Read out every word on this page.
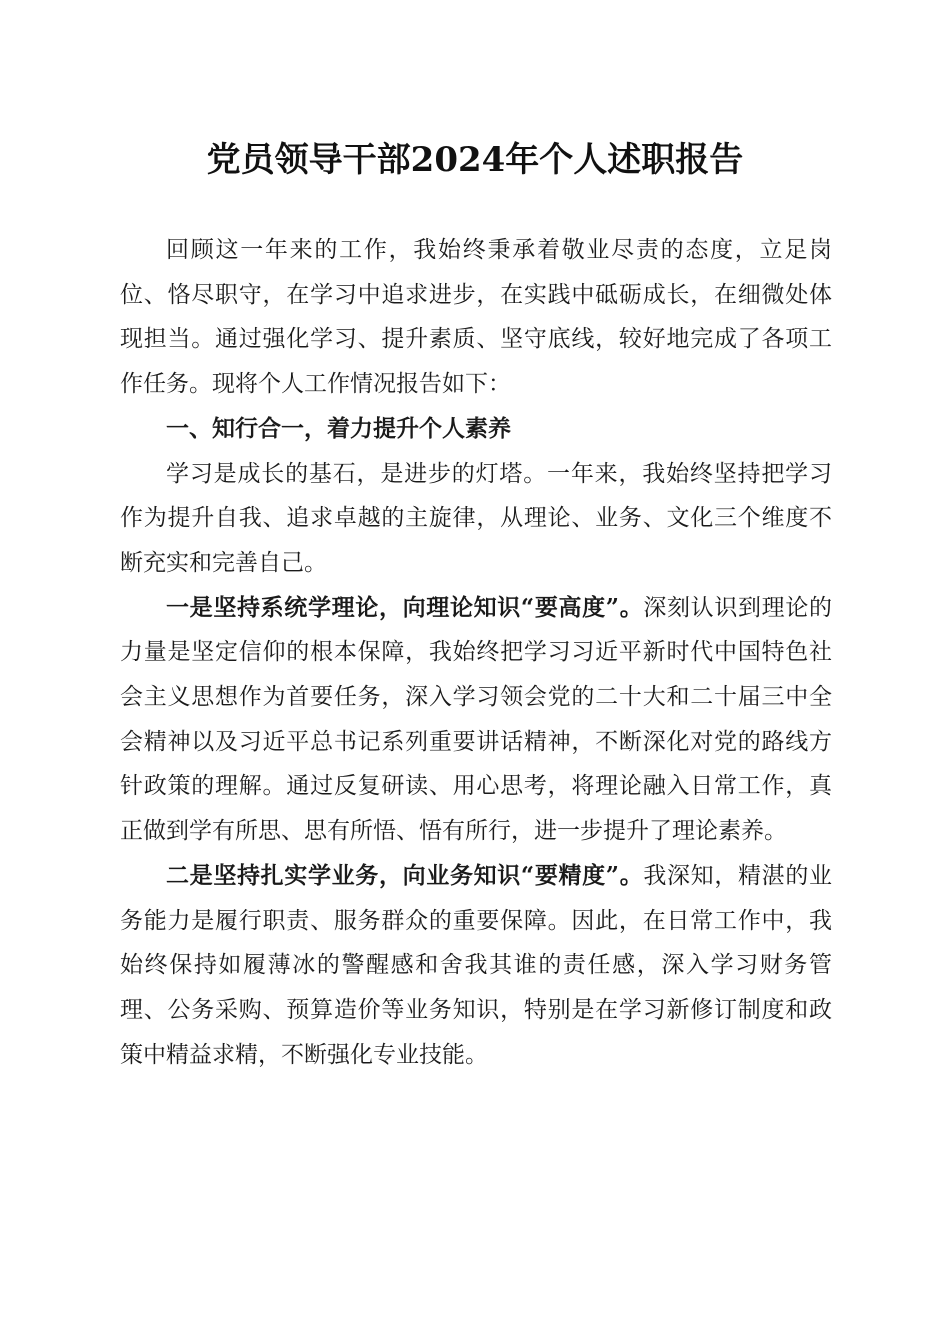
党员领导干部2024年个人述职报告

回顾这一年来的工作，我始终秉承着敬业尽责的态度，立足岗位、恪尽职守，在学习中追求进步，在实践中砥砺成长，在细微处体现担当。通过强化学习、提升素质、坚守底线，较好地完成了各项工作任务。现将个人工作情况报告如下：

一、知行合一，着力提升个人素养

学习是成长的基石，是进步的灯塔。一年来，我始终坚持把学习作为提升自我、追求卓越的主旋律，从理论、业务、文化三个维度不断充实和完善自己。

一是坚持系统学理论，向理论知识“要高度”。深刻认识到理论的力量是坚定信仰的根本保障，我始终把学习习近平新时代中国特色社会主义思想作为首要任务，深入学习领会党的二十大和二十届三中全会精神以及习近平总书记系列重要讲话精神，不断深化对党的路线方针政策的理解。通过反复研读、用心思考，将理论融入日常工作，真正做到学有所思、思有所悟、悟有所行，进一步提升了理论素养。

二是坚持扎实学业务，向业务知识“要精度”。我深知，精湛的业务能力是履行职责、服务群众的重要保障。因此，在日常工作中，我始终保持如履薄冰的警醒感和舍我其谁的责任感，深入学习财务管理、公务采购、预算造价等业务知识，特别是在学习新修订制度和政策中精益求精，不断强化专业技能。
